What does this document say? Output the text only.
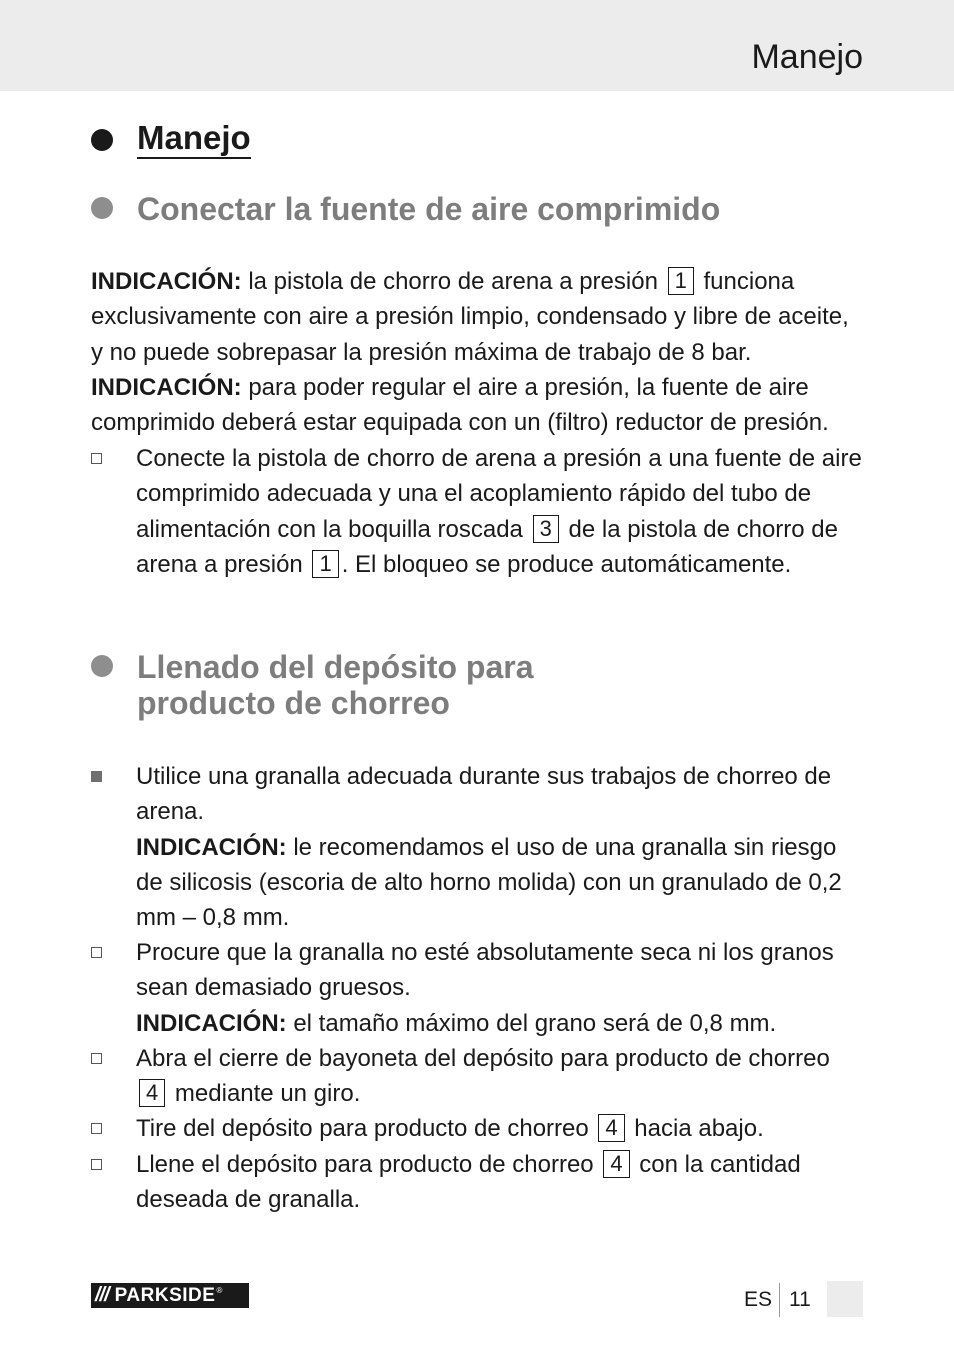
Manejo
Manejo
Conectar la fuente de aire comprimido
INDICACIÓN: la pistola de chorro de arena a presión 1 funciona exclusivamente con aire a presión limpio, condensado y libre de aceite, y no puede sobrepasar la presión máxima de trabajo de 8 bar.
INDICACIÓN: para poder regular el aire a presión, la fuente de aire comprimido deberá estar equipada con un (filtro) reductor de presión.
Conecte la pistola de chorro de arena a presión a una fuente de aire comprimido adecuada y una el acoplamiento rápido del tubo de alimentación con la boquilla roscada 3 de la pistola de chorro de arena a presión 1 . El bloqueo se produce automáticamente.
Llenado del depósito para
producto de chorreo
Utilice una granalla adecuada durante sus trabajos de chorreo de arena.
INDICACIÓN: le recomendamos el uso de una granalla sin riesgo de silicosis (escoria de alto horno molida) con un granulado de 0,2 mm – 0,8 mm.
Procure que la granalla no esté absolutamente seca ni los granos sean demasiado gruesos.
INDICACIÓN: el tamaño máximo del grano será de 0,8 mm.
Abra el cierre de bayoneta del depósito para producto de chorreo 4 mediante un giro.
Tire del depósito para producto de chorreo 4 hacia abajo.
Llene el depósito para producto de chorreo 4 con la cantidad deseada de granalla.
/// PARKSIDE ®	ES 11
